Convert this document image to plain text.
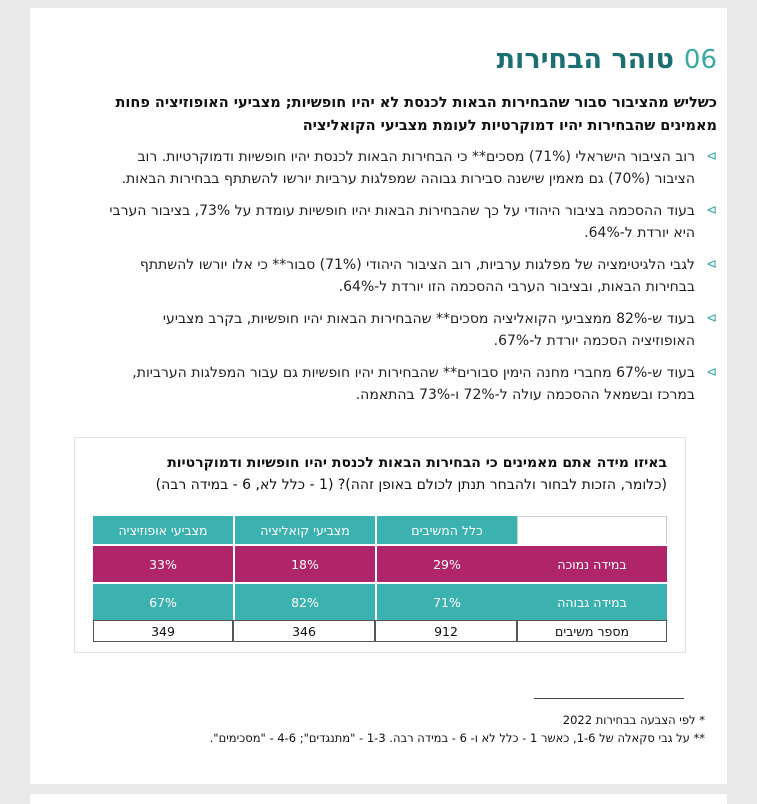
06
טוהר הבחירות
כשליש מהציבור סבור שהבחירות הבאות לכנסת לא יהיו חופשיות; מצביעי האופוזיציה פחות מאמינים שהבחירות יהיו דמוקרטיות לעומת מצביעי הקואליציה
⊳
רוב הציבור הישראלי (71%) מסכים** כי הבחירות הבאות לכנסת יהיו חופשיות ודמוקרטיות. רוב הציבור (70%) גם מאמין שישנה סבירות גבוהה שמפלגות ערביות יורשו להשתתף בבחירות הבאות.
⊳
בעוד ההסכמה בציבור היהודי על כך שהבחירות הבאות יהיו חופשיות עומדת על 73%, בציבור הערבי היא יורדת ל-64%.
⊳
לגבי הלגיטימציה של מפלגות ערביות, רוב הציבור היהודי (71%) סבור** כי אלו יורשו להשתתף בבחירות הבאות, ובציבור הערבי ההסכמה הזו יורדת ל-64%.
⊳
בעוד ש-82% ממצביעי הקואליציה מסכים** שהבחירות הבאות יהיו חופשיות, בקרב מצביעי האופוזיציה הסכמה יורדת ל-67%.
⊳
בעוד ש-67% מחברי מחנה הימין סבורים** שהבחירות יהיו חופשיות גם עבור המפלגות הערביות, במרכז ובשמאל ההסכמה עולה ל-72% ו-73% בהתאמה.
באיזו מידה אתם מאמינים כי הבחירות הבאות לכנסת יהיו חופשיות ודמוקרטיות
(כלומר, הזכות לבחור ולהבחר תנתן לכולם באופן זהה)? (1 - כלל לא, 6 - במידה רבה)
	כלל המשיבים	מצביעי קואליציה	מצביעי אופוזיציה
במידה נמוכה	29%	18%	33%
במידה גבוהה	71%	82%	67%
מספר משיבים	912	346	349
* לפי הצבעה בבחירות 2022
** על גבי סקאלה של 1-6, כאשר 1 - כלל לא ו- 6 - במידה רבה. 1-3 - "מתנגדים"; 4-6 - "מסכימים".
